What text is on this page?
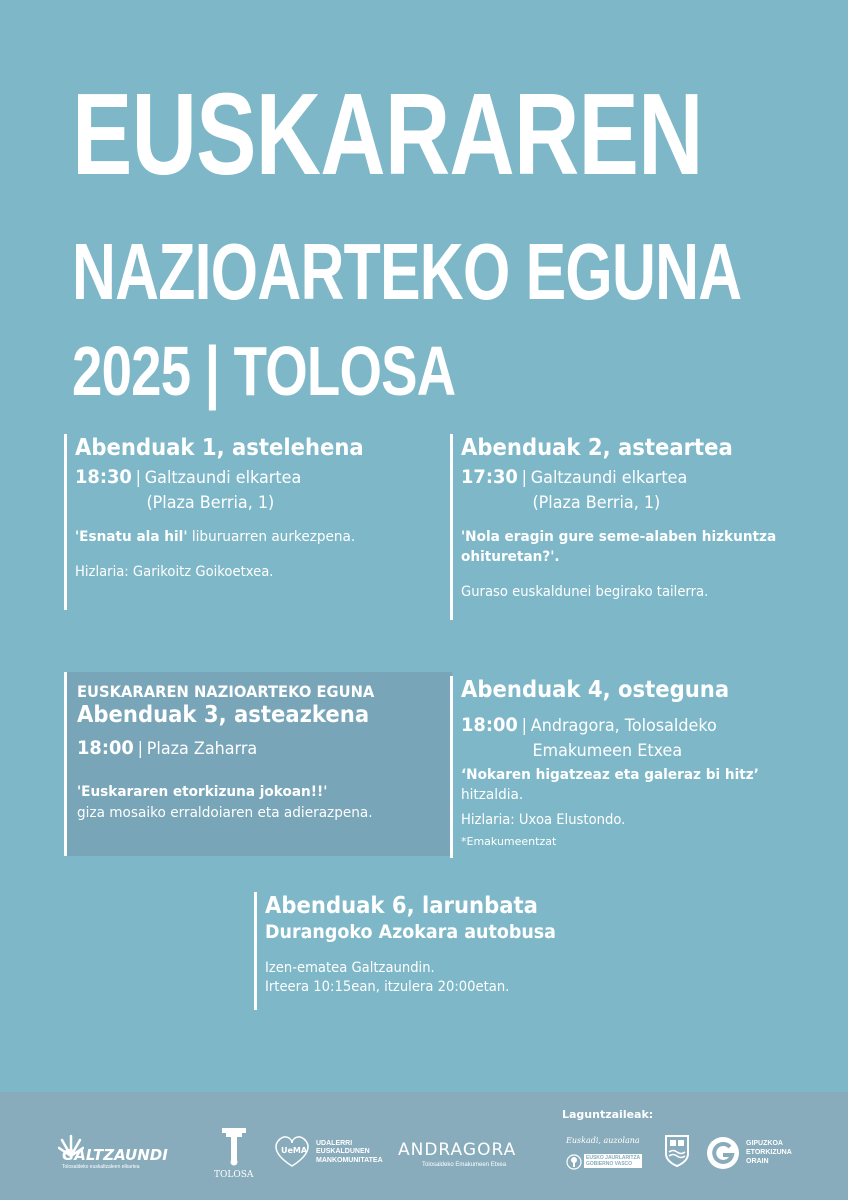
EUSKARAREN
NAZIOARTEKO EGUNA
2025 | TOLOSA
Abenduak 1, astelehena
18:30 | Galtzaundi elkartea
(Plaza Berria, 1)
'Esnatu ala hil' liburuarren aurkezpena.
Hizlaria: Garikoitz Goikoetxea.
Abenduak 2, asteartea
17:30 | Galtzaundi elkartea
(Plaza Berria, 1)
'Nola eragin gure seme-alaben hizkuntza
ohituretan?'.
Guraso euskaldunei begirako tailerra.
EUSKARAREN NAZIOARTEKO EGUNA
Abenduak 3, asteazkena
18:00 | Plaza Zaharra
'Euskararen etorkizuna jokoan!!'
giza mosaiko erraldoiaren eta adierazpena.
Abenduak 4, osteguna
18:00 | Andragora, Tolosaldeko
Emakumeen Etxea
‘Nokaren higatzeaz eta galeraz bi hitz’
hitzaldia.
Hizlaria: Uxoa Elustondo.
*Emakumeentzat
Abenduak 6, larunbata
Durangoko Azokara autobusa
Izen-ematea Galtzaundin.
Irteera 10:15ean, itzulera 20:00etan.
Laguntzaileak:
GALTZAUNDI
Tolosaldeko euskaltzaleen elkartea
TOLOSA
UeMA
UDALERRI
EUSKALDUNEN
MANKOMUNITATEA
ANDRAGORA
Tolosaldeko Emakumeen Etxea
Euskadi, auzolana
EUSKO JAURLARITZA
GOBIERNO VASCO
GIPUZKOA
ETORKIZUNA
ORAIN
